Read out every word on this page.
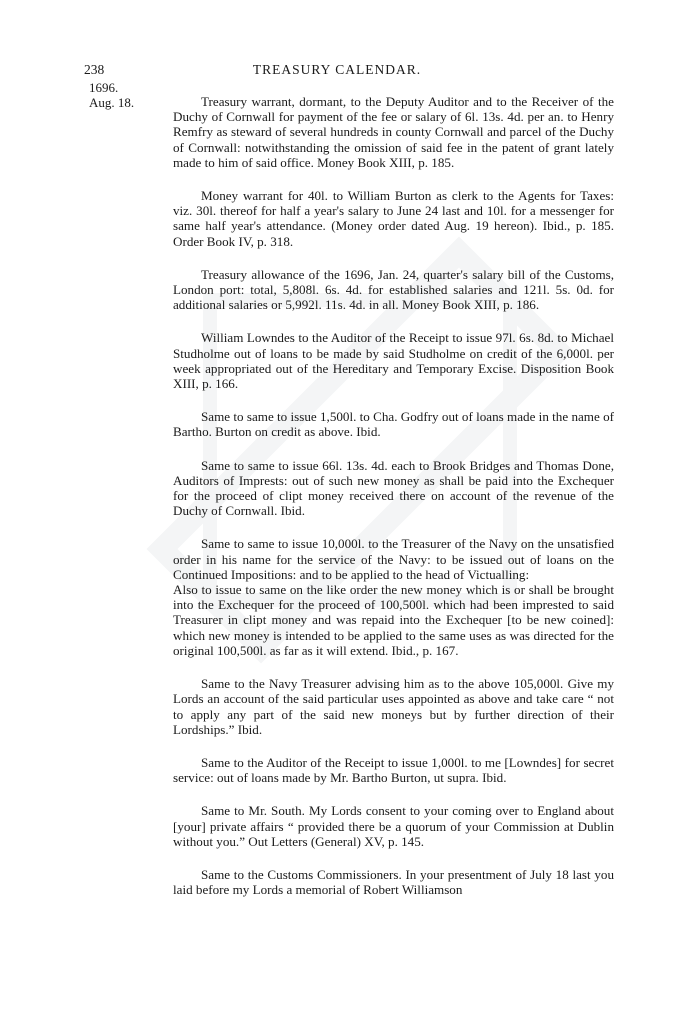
238	TREASURY CALENDAR.
1696.
Aug. 18.	Treasury warrant, dormant, to the Deputy Auditor and to the Receiver of the Duchy of Cornwall for payment of the fee or salary of 6l. 13s. 4d. per an. to Henry Remfry as steward of several hundreds in county Cornwall and parcel of the Duchy of Cornwall: notwithstanding the omission of said fee in the patent of grant lately made to him of said office. Money Book XIII, p. 185.

Money warrant for 40l. to William Burton as clerk to the Agents for Taxes: viz. 30l. thereof for half a year's salary to June 24 last and 10l. for a messenger for same half year's attendance. (Money order dated Aug. 19 hereon). Ibid., p. 185. Order Book IV, p. 318.

Treasury allowance of the 1696, Jan. 24, quarter's salary bill of the Customs, London port: total, 5,808l. 6s. 4d. for established salaries and 121l. 5s. 0d. for additional salaries or 5,992l. 11s. 4d. in all. Money Book XIII, p. 186.

William Lowndes to the Auditor of the Receipt to issue 97l. 6s. 8d. to Michael Studholme out of loans to be made by said Studholme on credit of the 6,000l. per week appropriated out of the Hereditary and Temporary Excise. Disposition Book XIII, p. 166.

Same to same to issue 1,500l. to Cha. Godfry out of loans made in the name of Bartho. Burton on credit as above. Ibid.

Same to same to issue 66l. 13s. 4d. each to Brook Bridges and Thomas Done, Auditors of Imprests: out of such new money as shall be paid into the Exchequer for the proceed of clipt money received there on account of the revenue of the Duchy of Cornwall. Ibid.

Same to same to issue 10,000l. to the Treasurer of the Navy on the unsatisfied order in his name for the service of the Navy: to be issued out of loans on the Continued Impositions: and to be applied to the head of Victualling:

Also to issue to same on the like order the new money which is or shall be brought into the Exchequer for the proceed of 100,500l. which had been imprested to said Treasurer in clipt money and was repaid into the Exchequer [to be new coined]: which new money is intended to be applied to the same uses as was directed for the original 100,500l. as far as it will extend. Ibid., p. 167.

Same to the Navy Treasurer advising him as to the above 105,000l. Give my Lords an account of the said particular uses appointed as above and take care “ not to apply any part of the said new moneys but by further direction of their Lordships.” Ibid.

Same to the Auditor of the Receipt to issue 1,000l. to me [Lowndes] for secret service: out of loans made by Mr. Bartho Burton, ut supra. Ibid.

Same to Mr. South. My Lords consent to your coming over to England about [your] private affairs “ provided there be a quorum of your Commission at Dublin without you.” Out Letters (General) XV, p. 145.

Same to the Customs Commissioners. In your presentment of July 18 last you laid before my Lords a memorial of Robert Williamson
